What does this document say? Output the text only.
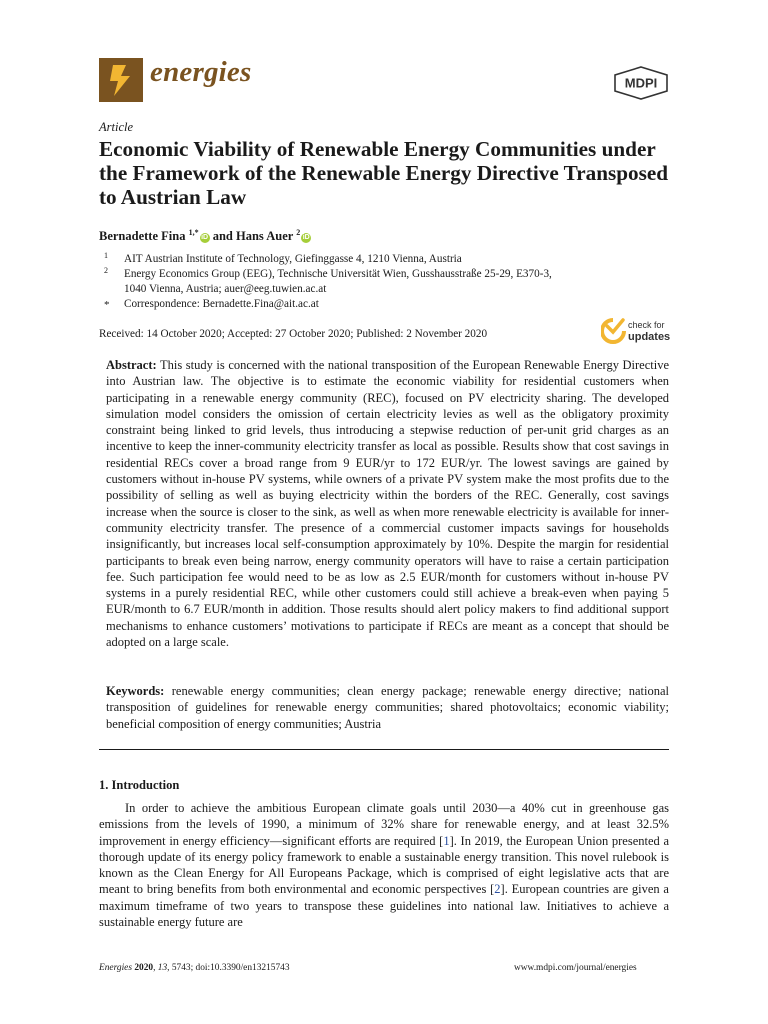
energies	MDPI
Article
Economic Viability of Renewable Energy Communities under the Framework of the Renewable Energy Directive Transposed to Austrian Law
Bernadette Fina $^{1,*}$iD and Hans Auer $^2$iD
1	AIT Austrian Institute of Technology, Giefinggasse 4, 1210 Vienna, Austria
2	Energy Economics Group (EEG), Technische Universität Wien, Gusshausstraße 25-29, E370-3,
1040 Vienna, Austria; auer@eeg.tuwien.ac.at
* Correspondence: Bernadette.Fina@ait.ac.at
Received: 14 October 2020; Accepted: 27 October 2020; Published: 2 November 2020
check for
updates

Abstract: This study is concerned with the national transposition of the European Renewable Energy Directive into Austrian law. The objective is to estimate the economic viability for residential customers when participating in a renewable energy community (REC), focused on PV electricity sharing. The developed simulation model considers the omission of certain electricity levies as well as the obligatory proximity constraint being linked to grid levels, thus introducing a stepwise reduction of per-unit grid charges as an incentive to keep the inner-community electricity transfer as local as possible. Results show that cost savings in residential RECs cover a broad range from 9 EUR/yr to 172 EUR/yr. The lowest savings are gained by customers without in-house PV systems, while owners of a private PV system make the most profits due to the possibility of selling as well as buying electricity within the borders of the REC. Generally, cost savings increase when the source is closer to the sink, as well as when more renewable electricity is available for inner-community electricity transfer. The presence of a commercial customer impacts savings for households insignificantly, but increases local self-consumption approximately by 10%. Despite the margin for residential participants to break even being narrow, energy community operators will have to raise a certain participation fee. Such participation fee would need to be as low as 2.5 EUR/month for customers without in-house PV systems in a purely residential REC, while other customers could still achieve a break-even when paying 5 EUR/month to 6.7 EUR/month in addition. Those results should alert policy makers to find additional support mechanisms to enhance customers’ motivations to participate if RECs are meant as a concept that should be adopted on a large scale.

Keywords: renewable energy communities; clean energy package; renewable energy directive; national transposition of guidelines for renewable energy communities; shared photovoltaics; economic viability; beneficial composition of energy communities; Austria

1. Introduction

In order to achieve the ambitious European climate goals until 2030—a 40% cut in greenhouse gas emissions from the levels of 1990, a minimum of 32% share for renewable energy, and at least 32.5% improvement in energy efficiency—significant efforts are required [1]. In 2019, the European Union presented a thorough update of its energy policy framework to enable a sustainable energy transition. This novel rulebook is known as the Clean Energy for All Europeans Package, which is comprised of eight legislative acts that are meant to bring benefits from both environmental and economic perspectives [2]. European countries are given a maximum timeframe of two years to transpose these guidelines into national law. Initiatives to achieve a sustainable energy future are

Energies 2020, 13, 5743; doi:10.3390/en13215743	www.mdpi.com/journal/energies
